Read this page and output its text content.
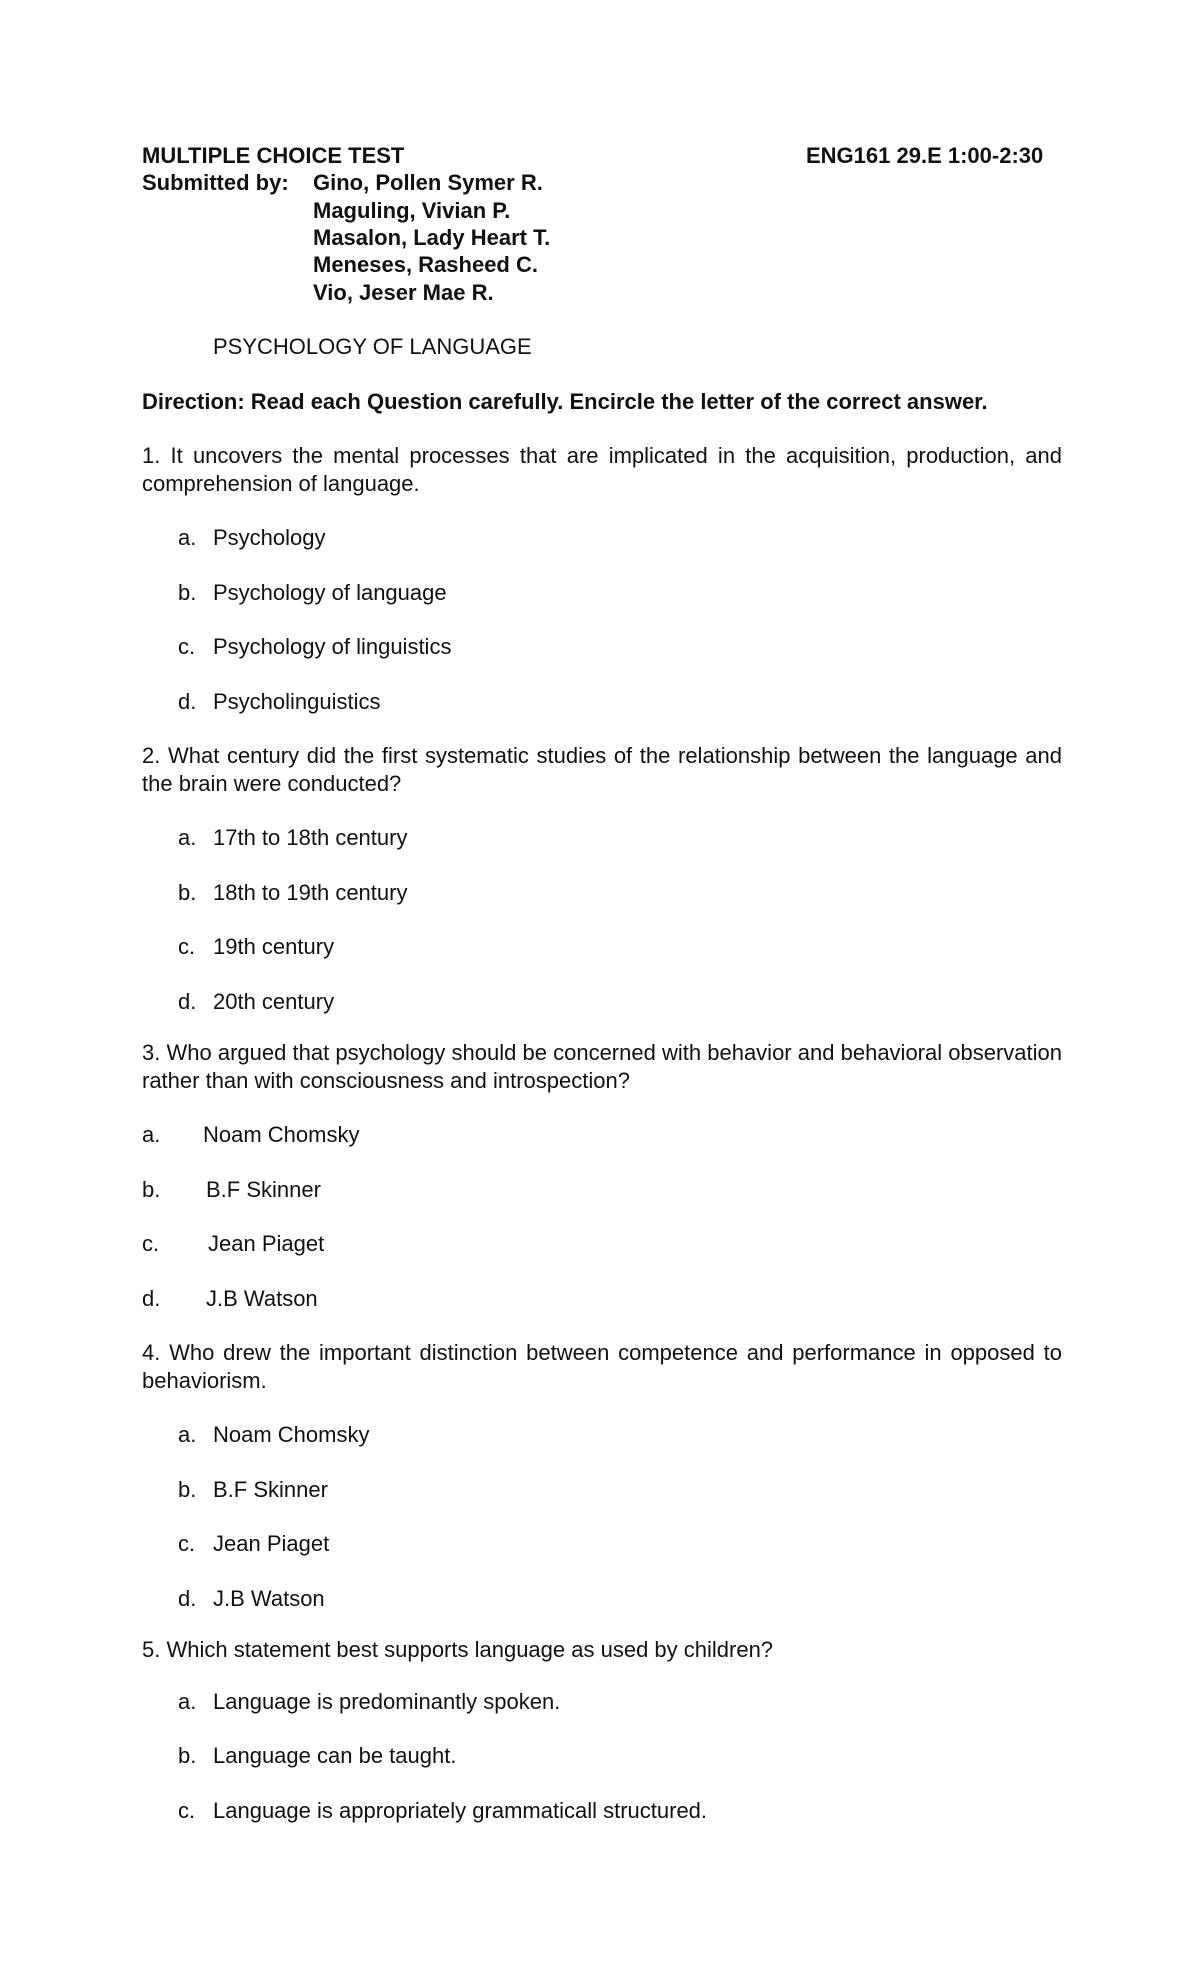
MULTIPLE CHOICE TEST	ENG161 29.E 1:00-2:30
Submitted by: Gino, Pollen Symer R.
Maguling, Vivian P.
Masalon, Lady Heart T.
Meneses, Rasheed C.
Vio, Jeser Mae R.
PSYCHOLOGY OF LANGUAGE
Direction: Read each Question carefully. Encircle the letter of the correct answer.
1. It uncovers the mental processes that are implicated in the acquisition, production, and comprehension of language.
a. Psychology
b. Psychology of language
c. Psychology of linguistics
d. Psycholinguistics
2. What century did the first systematic studies of the relationship between the language and the brain were conducted?
a. 17th to 18th century
b. 18th to 19th century
c. 19th century
d. 20th century
3. Who argued that psychology should be concerned with behavior and behavioral observation rather than with consciousness and introspection?
a. Noam Chomsky
b. B.F Skinner
c. Jean Piaget
d. J.B Watson
4. Who drew the important distinction between competence and performance in opposed to behaviorism.
a. Noam Chomsky
b. B.F Skinner
c. Jean Piaget
d. J.B Watson
5. Which statement best supports language as used by children?
a. Language is predominantly spoken.
b. Language can be taught.
c. Language is appropriately grammaticall structured.
